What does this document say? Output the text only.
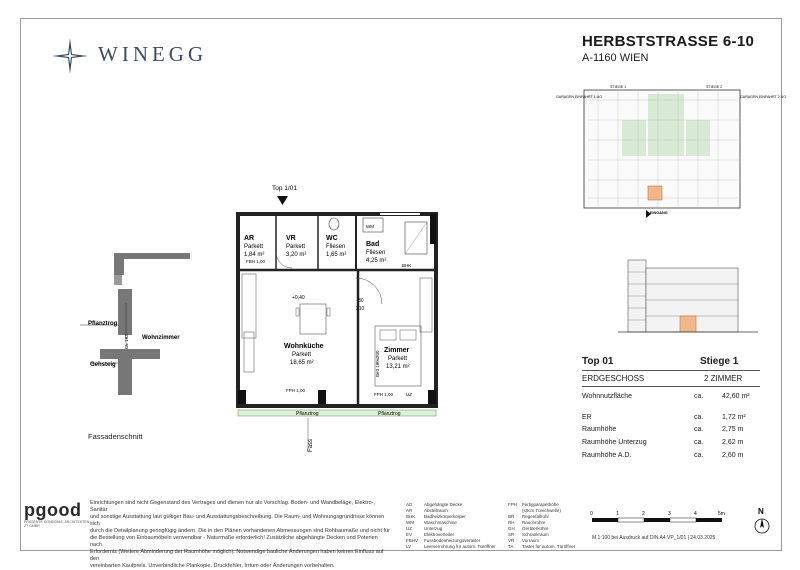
WINEGG
HERBSTSTRASSE 6-10
A-1160 WIEN
Top 1/01
WM
BHK
Bett 180x200
Pflanztrog	Pflanztrog
Fass
AR
Parkett
1,84 m²
FBH 1,00
VR
Parkett
3,20 m²
WC
Fliesen
1,65 m²
Bad
Fliesen
4,25 m²
+0,40
Wohnküche
Parkett
18,65 m²
FPH 1,00
Zimmer
Parkett
13,21 m²
FPH 1,00	UZ
80
210
Pflanztrog
Wohnzimmer
Gehsteig
ca. 193
Fassadenschnitt
STIEGE 1	STIEGE 2
GARAGEN EINFAHRT 1.UG	GARAGEN EINFAHRT 2.UG
EINGANG
Top 01	Stiege 1
ERDGESCHOSS	2 ZIMMER
Wohnnutzfläche	ca.	42,60 m²
ER	ca.	1,72 m²
Raumhöhe	ca.	2,75 m
Raumhöhe Unterzug	ca.	2,62 m
Raumhöhe A.D.	ca.	2,60 m
pgood
PRÄSENTE CONDONIS, ARCHITEKTEN ZT GMBH
Einrichtungen sind nicht Gegenstand des Vertrages und dienen nur als Vorschlag. Boden- und Wandbeläge, Elektro-, Sanitär
und sonstige Ausstattung laut gültiger Bau- und Ausstattungsbeschreibung. Die Raum- und Wohnungsgrundrisse können sich
durch die Detailplanung geringfügig ändern. Die in den Plänen vorhandenen Abmessungen sind Rohbaumaße und nicht für
die Bestellung von Einbaumöbeln verwendbar - Naturmaße erforderlich! Zusätzliche abgehängte Decken und Poterien nach
Erfordernis (Weitere Abminderung der Raumhöhe möglich). Notwendige bauliche Änderungen haben keinen Einfluss auf den
vereinbarten Kaufpreis. Unverbindliche Plankopie. Druckfehler, Irrtum oder Änderungen vorbehalten.
AD	Abgehängte Decke
AR	Abstellraum
BHK Badheizkörperkörper
WM Waschmaschine
UZ	Unterzug
EV	Elektroverteiler
FBHV Fussbodenheizungsverteiler
LV	Leerverrohrung für autom. Türöffner
FPH Fertigparapethöhe
(s0cm Türschwelle)
BR Regenfallrohr
RH Rauchrohre
GH Geräterkühre
SR Schrankraum
VR Vorraum
TA Taster für autom. Türöffner
0	1	2	3	4	5m
M 1:100 bei Ausdruck auf DIN A4 VP_1/01 | 24.03.2025
N
